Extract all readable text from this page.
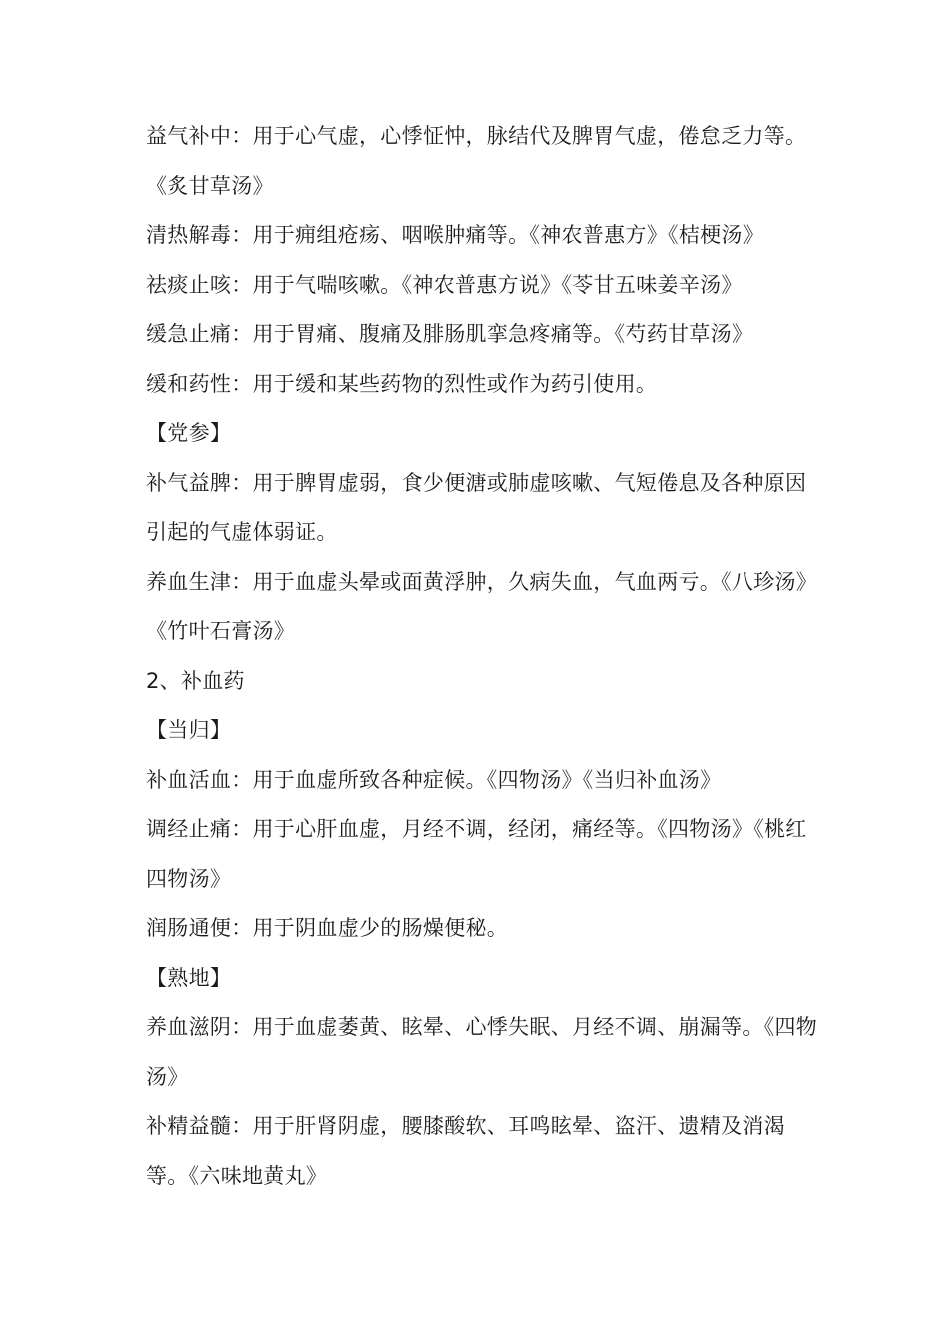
益气补中：用于心气虚，心悸怔忡，脉结代及脾胃气虚，倦怠乏力等。

《炙甘草汤》

清热解毒：用于痈组疮疡、咽喉肿痛等。《神农普惠方》《桔梗汤》

祛痰止咳：用于气喘咳嗽。《神农普惠方说》《苓甘五味姜辛汤》

缓急止痛：用于胃痛、腹痛及腓肠肌挛急疼痛等。《芍药甘草汤》

缓和药性：用于缓和某些药物的烈性或作为药引使用。

【党参】

补气益脾：用于脾胃虚弱，食少便溏或肺虚咳嗽、气短倦息及各种原因引起的气虚体弱证。

养血生津：用于血虚头晕或面黄浮肿，久病失血，气血两亏。《八珍汤》《竹叶石膏汤》

2、补血药

【当归】

补血活血：用于血虚所致各种症候。《四物汤》《当归补血汤》

调经止痛：用于心肝血虚，月经不调，经闭，痛经等。《四物汤》《桃红四物汤》

润肠通便：用于阴血虚少的肠燥便秘。

【熟地】

养血滋阴：用于血虚萎黄、眩晕、心悸失眠、月经不调、崩漏等。《四物汤》

补精益髓：用于肝肾阴虚，腰膝酸软、耳鸣眩晕、盗汗、遗精及消渴等。《六味地黄丸》
